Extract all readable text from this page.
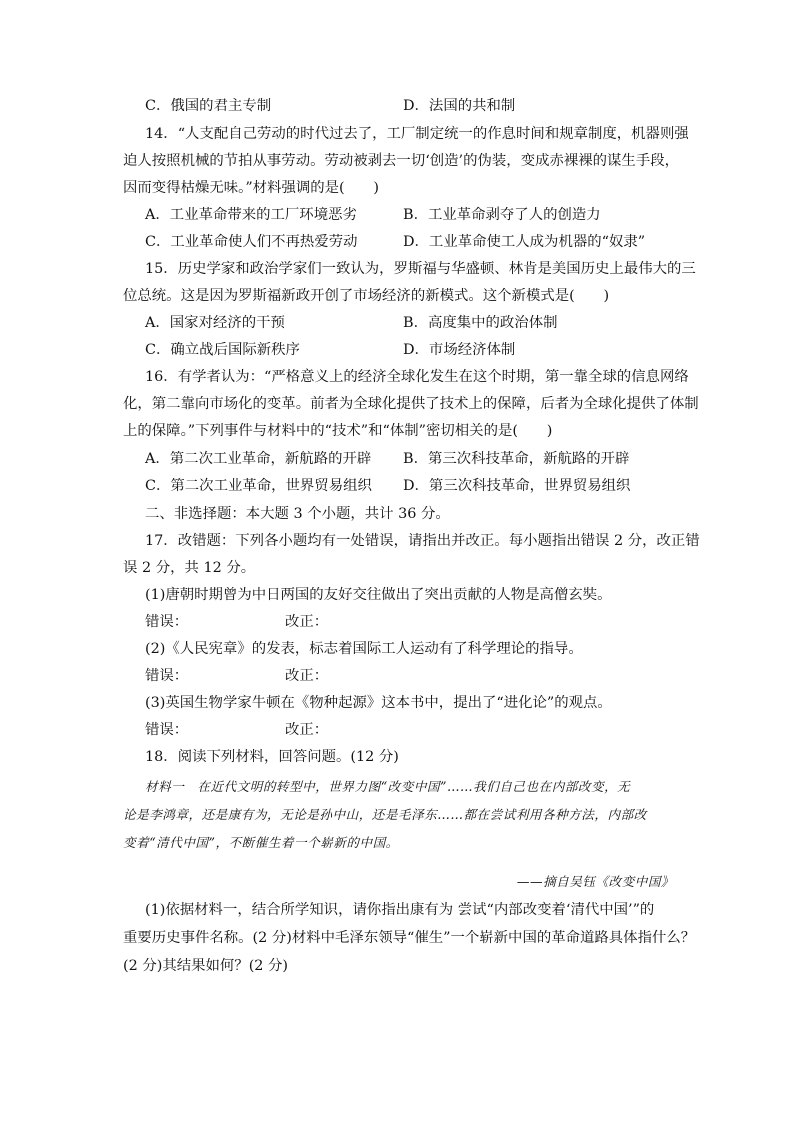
C．俄国的君主专制	D．法国的共和制
14．“人支配自己劳动的时代过去了，工厂制定统一的作息时间和规章制度，机器则强
迫人按照机械的节拍从事劳动。劳动被剥去一切‘创造’的伪装，变成赤裸裸的谋生手段，
因而变得枯燥无味。”材料强调的是(　　)
A．工业革命带来的工厂环境恶劣	B．工业革命剥夺了人的创造力
C．工业革命使人们不再热爱劳动	D．工业革命使工人成为机器的“奴隶”
15．历史学家和政治学家们一致认为，罗斯福与华盛顿、林肯是美国历史上最伟大的三
位总统。这是因为罗斯福新政开创了市场经济的新模式。这个新模式是(　　)
A．国家对经济的干预	B．高度集中的政治体制
C．确立战后国际新秩序	D．市场经济体制
16．有学者认为：“严格意义上的经济全球化发生在这个时期，第一靠全球的信息网络
化，第二靠向市场化的变革。前者为全球化提供了技术上的保障，后者为全球化提供了体制
上的保障。”下列事件与材料中的“技术”和“体制”密切相关的是(　　)
A．第二次工业革命，新航路的开辟 B．第三次科技革命，新航路的开辟
C．第二次工业革命，世界贸易组织 D．第三次科技革命，世界贸易组织
二、非选择题：本大题 3 个小题，共计 36 分。
17．改错题：下列各小题均有一处错误，请指出并改正。每小题指出错误 2 分，改正错
误 2 分，共 12 分。
(1)唐朝时期曾为中日两国的友好交往做出了突出贡献的人物是高僧玄奘。
错误：	改正：
(2)《人民宪章》的发表，标志着国际工人运动有了科学理论的指导。
错误：	改正：
(3)英国生物学家牛顿在《物种起源》这本书中，提出了“进化论”的观点。
错误：	改正：
18．阅读下列材料，回答问题。(12 分)
材料一　在近代文明的转型中，世界力图“改变中国”……我们自己也在内部改变，无
论是李鸿章，还是康有为，无论是孙中山，还是毛泽东……都在尝试利用各种方法，内部改
变着“清代中国”，不断催生着一个崭新的中国。
——摘自吴钰《改变中国》
(1)依据材料一，结合所学知识，请你指出康有为 尝试“内部改变着‘清代中国’”的
重要历史事件名称。(2 分)材料中毛泽东领导“催生”一个崭新中国的革命道路具体指什么？
(2 分)其结果如何？(2 分)
